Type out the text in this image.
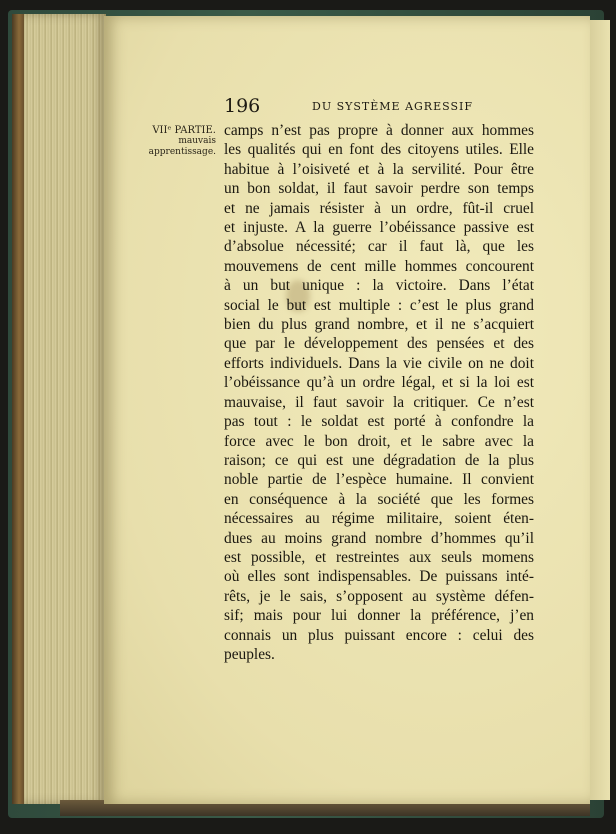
196	DU SYSTÈME AGRESSIF
VIIᵉ PARTIE.
mauvais
apprentissage.
camps n’est pas propre à donner aux hommes
les qualités qui en font des citoyens utiles. Elle
habitue à l’oisiveté et à la servilité. Pour être
un bon soldat, il faut savoir perdre son temps
et ne jamais résister à un ordre, fût-il cruel
et injuste. A la guerre l’obéissance passive est
d’absolue nécessité; car il faut là, que les
mouvemens de cent mille hommes concourent
à un but unique : la victoire. Dans l’état
social le but est multiple : c’est le plus grand
bien du plus grand nombre, et il ne s’acquiert
que par le développement des pensées et des
efforts individuels. Dans la vie civile on ne doit
l’obéissance qu’à un ordre légal, et si la loi est
mauvaise, il faut savoir la critiquer. Ce n’est
pas tout : le soldat est porté à confondre la
force avec le bon droit, et le sabre avec la
raison; ce qui est une dégradation de la plus
noble partie de l’espèce humaine. Il convient
en conséquence à la société que les formes
nécessaires au régime militaire, soient éten-
dues au moins grand nombre d’hommes qu’il
est possible, et restreintes aux seuls momens
où elles sont indispensables. De puissans inté-
rêts, je le sais, s’opposent au système défen-
sif; mais pour lui donner la préférence, j’en
connais un plus puissant encore : celui des
peuples.
